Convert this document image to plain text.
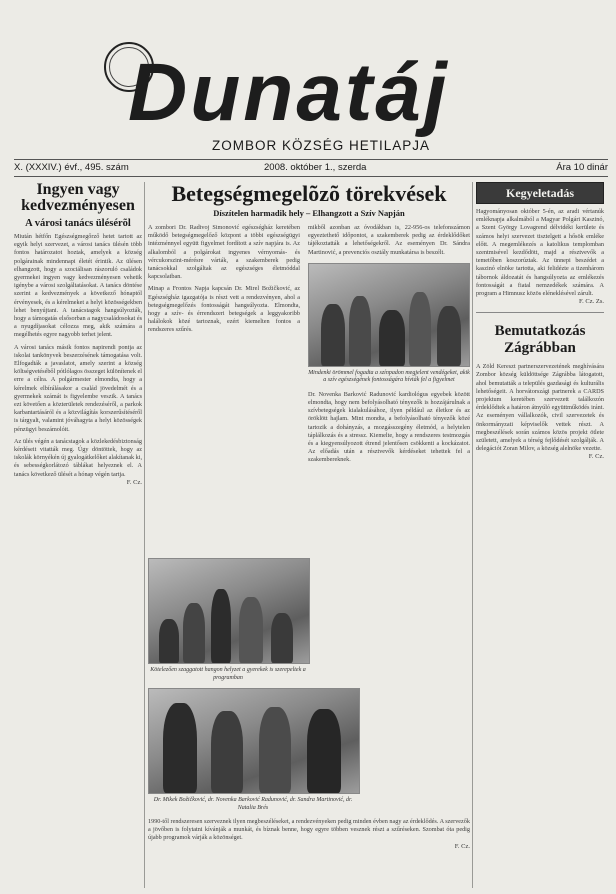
Dunatáj
ZOMBOR KÖZSÉG HETILAPJA
X. (XXXIV.) évf., 495. szám	2008. október 1., szerda	Ára 10 dinár
Ingyen vagy kedvezményesen
A városi tanács ülésérõl

Miután hétfőn Egészségmegőrző hetet tartott az egyik helyi szervezet, a városi tanács ülésén több fontos határozatot hoztak, amelyek a község polgárainak mindennapi életét érintik. Az ülésen elhangzott, hogy a szociálisan rászoruló családok gyermekei ingyen vagy kedvezményesen vehetik igénybe a városi szolgáltatásokat. A tanács döntése szerint a kedvezmények a következő hónaptól érvényesek, és a kérelmeket a helyi közösségekben lehet benyújtani. A tanácstagok hangsúlyozták, hogy a támogatás elsősorban a nagycsaládosokat és a nyugdíjasokat célozza meg, akik számára a megélhetés egyre nagyobb terhet jelent.

A városi tanács másik fontos napirendi pontja az iskolai tankönyvek beszerzésének támogatása volt. Elfogadták a javaslatot, amely szerint a község költségvetéséből pótlólagos összeget különítenek el erre a célra. A polgármester elmondta, hogy a kérelmek elbírálásakor a család jövedelmét és a gyermekek számát is figyelembe veszik. A tanács ezt követően a közterületek rendezéséről, a parkok karbantartásáról és a közvilágítás korszerűsítéséről is tárgyalt, valamint jóváhagyta a helyi közösségek pénzügyi beszámolóit.

Az ülés végén a tanácstagok a közlekedésbiztonság kérdéseit vitatták meg. Úgy döntöttek, hogy az iskolák környékén új gyalogátkelőket alakítanak ki, és sebességkorlátozó táblákat helyeznek el. A tanács következő ülését a hónap végén tartja.

F. Cz.
Betegségmegelõzõ törekvések
Díszítelen harmadik hely – Elhangzott a Szív Napján

A zombori Dr. Radivoj Simonović egészségház keretében működő betegségmegelőző központ a többi egészségügyi intézménnyel együtt figyelmet fordított a szív napjára is. Az alkalomból a polgárokat ingyenes vérnyomás- és vércukorszint-mérésre várták, a szakemberek pedig tanácsokkal szolgáltak az egészséges életmóddal kapcsolatban.

Minap a Frontos Napja kapcsán Dr. Mirel Božičković, az Egészségház igazgatója is részt vett a rendezvényen, ahol a betegségmegelőzés fontosságát hangsúlyozta. Elmondta, hogy a szív- és érrendszeri betegségek a leggyakoribb halálokok közé tartoznak, ezért kiemelten fontos a rendszeres szűrés.

mikből azonban az óvodákban is, 22-956-os telefonszámon egyeztethető időpontot, a szakemberek pedig az érdeklődőket tájékoztatták a lehetőségekről. Az eseményen Dr. Sándra Martinović, a prevenciós osztály munkatársa is beszélt.

Mindenki örömmel fogadta a színpadon megjelent vendégeket, akik a szív egészségének fontosságára hívták fel a figyelmet

Dr. Novenka Barković Radunović kardiológus egyebek között elmondta, hogy nem befolyásolható tényezők is hozzájárulnak a szívbetegségek kialakulásához, ilyen például az életkor és az öröklött hajlam. Mint mondta, a befolyásolható tényezők közé tartozik a dohányzás, a mozgásszegény életmód, a helytelen táplálkozás és a stressz. Kiemelte, hogy a rendszeres testmozgás és a kiegyensúlyozott étrend jelentősen csökkenti a kockázatot. Az előadás után a résztvevők kérdéseket tehettek fel a szakembereknek.

Kötelezően szaggatott hangon helyzet a gyerekek is szerepeltek a programban
Dr. Mikek Božičković, dr. Novenka Barković Radunović, dr. Sandra Martinović, dr. Natalia Brés

1990-től rendszeresen szerveznek ilyen megbeszéléseket, a rendezvényeken pedig minden évben nagy az érdeklődés. A szervezők a jövőben is folytatni kívánják a munkát, és bíznak benne, hogy egyre többen vesznek részt a szűréseken. Szombat óta pedig újabb programok várják a közönséget.

F. Cz.
Kegyeletadás

Hagyományosan október 5-én, az aradi vértanúk emléknapja alkalmából a Magyar Polgári Kaszinó, a Szent György Lovagrend délvidéki kerülete és számos helyi szervezet tisztelgett a hősök emléke előtt. A megemlékezés a katolikus templomban szentmisével kezdődött, majd a résztvevők a temetőben koszorúztak. Az ünnepi beszédet a kaszinó elnöke tartotta, aki felidézte a tizenhárom tábornok áldozatát és hangsúlyozta az emlékezés fontosságát a fiatal nemzedékek számára. A program a Himnusz közös eléneklésével zárult.

F. Cz. Zs.
Bemutatkozás Zágrábban

A Zöld Kereszt partnerszervezetének meghívására Zombor község küldöttsége Zágrábba látogatott, ahol bemutatták a település gazdasági és kulturális lehetőségeit. A horvátországi partnerek a CARDS projektum keretében szervezett találkozón érdeklődtek a határon átnyúló együttműködés iránt. Az eseményen vállalkozók, civil szervezetek és önkormányzati képviselők vettek részt. A megbeszélések során számos közös projekt ötlete született, amelyek a térség fejlődését szolgálják. A delegációt Zoran Milov, a község alelnöke vezette.

F. Cz.
